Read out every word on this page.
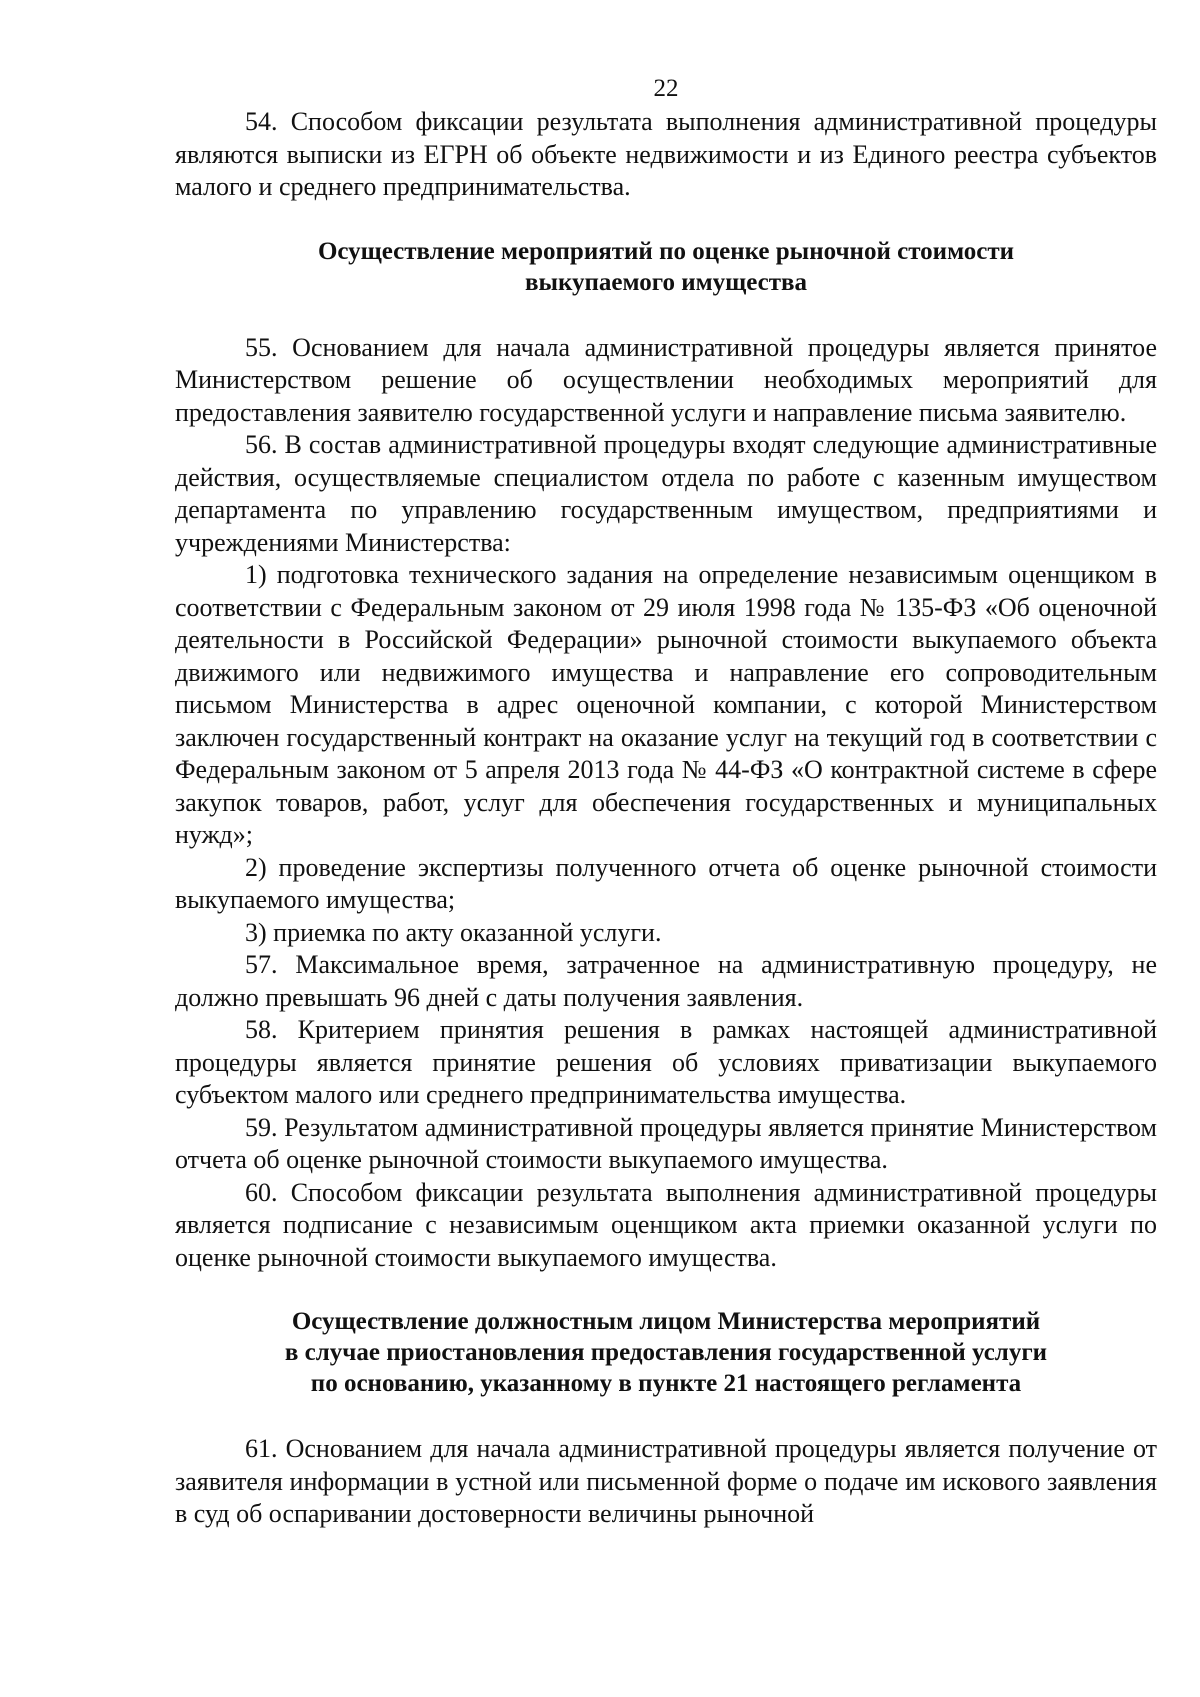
22

54. Способом фиксации результата выполнения административной процедуры являются выписки из ЕГРН об объекте недвижимости и из Единого реестра субъектов малого и среднего предпринимательства.

Осуществление мероприятий по оценке рыночной стоимости
выкупаемого имущества

55. Основанием для начала административной процедуры является принятое Министерством решение об осуществлении необходимых мероприятий для предоставления заявителю государственной услуги и направление письма заявителю.

56. В состав административной процедуры входят следующие административные действия, осуществляемые специалистом отдела по работе с казенным имуществом департамента по управлению государственным имуществом, предприятиями и учреждениями Министерства:

1) подготовка технического задания на определение независимым оценщиком в соответствии с Федеральным законом от 29 июля 1998 года № 135-ФЗ «Об оценочной деятельности в Российской Федерации» рыночной стоимости выкупаемого объекта движимого или недвижимого имущества и направление его сопроводительным письмом Министерства в адрес оценочной компании, с которой Министерством заключен государственный контракт на оказание услуг на текущий год в соответствии с Федеральным законом от 5 апреля 2013 года № 44-ФЗ «О контрактной системе в сфере закупок товаров, работ, услуг для обеспечения государственных и муниципальных нужд»;

2) проведение экспертизы полученного отчета об оценке рыночной стоимости выкупаемого имущества;

3) приемка по акту оказанной услуги.

57. Максимальное время, затраченное на административную процедуру, не должно превышать 96 дней с даты получения заявления.

58. Критерием принятия решения в рамках настоящей административной процедуры является принятие решения об условиях приватизации выкупаемого субъектом малого или среднего предпринимательства имущества.

59. Результатом административной процедуры является принятие Министерством отчета об оценке рыночной стоимости выкупаемого имущества.

60. Способом фиксации результата выполнения административной процедуры является подписание с независимым оценщиком акта приемки оказанной услуги по оценке рыночной стоимости выкупаемого имущества.

Осуществление должностным лицом Министерства мероприятий
в случае приостановления предоставления государственной услуги
по основанию, указанному в пункте 21 настоящего регламента

61. Основанием для начала административной процедуры является получение от заявителя информации в устной или письменной форме о подаче им искового заявления в суд об оспаривании достоверности величины рыночной
